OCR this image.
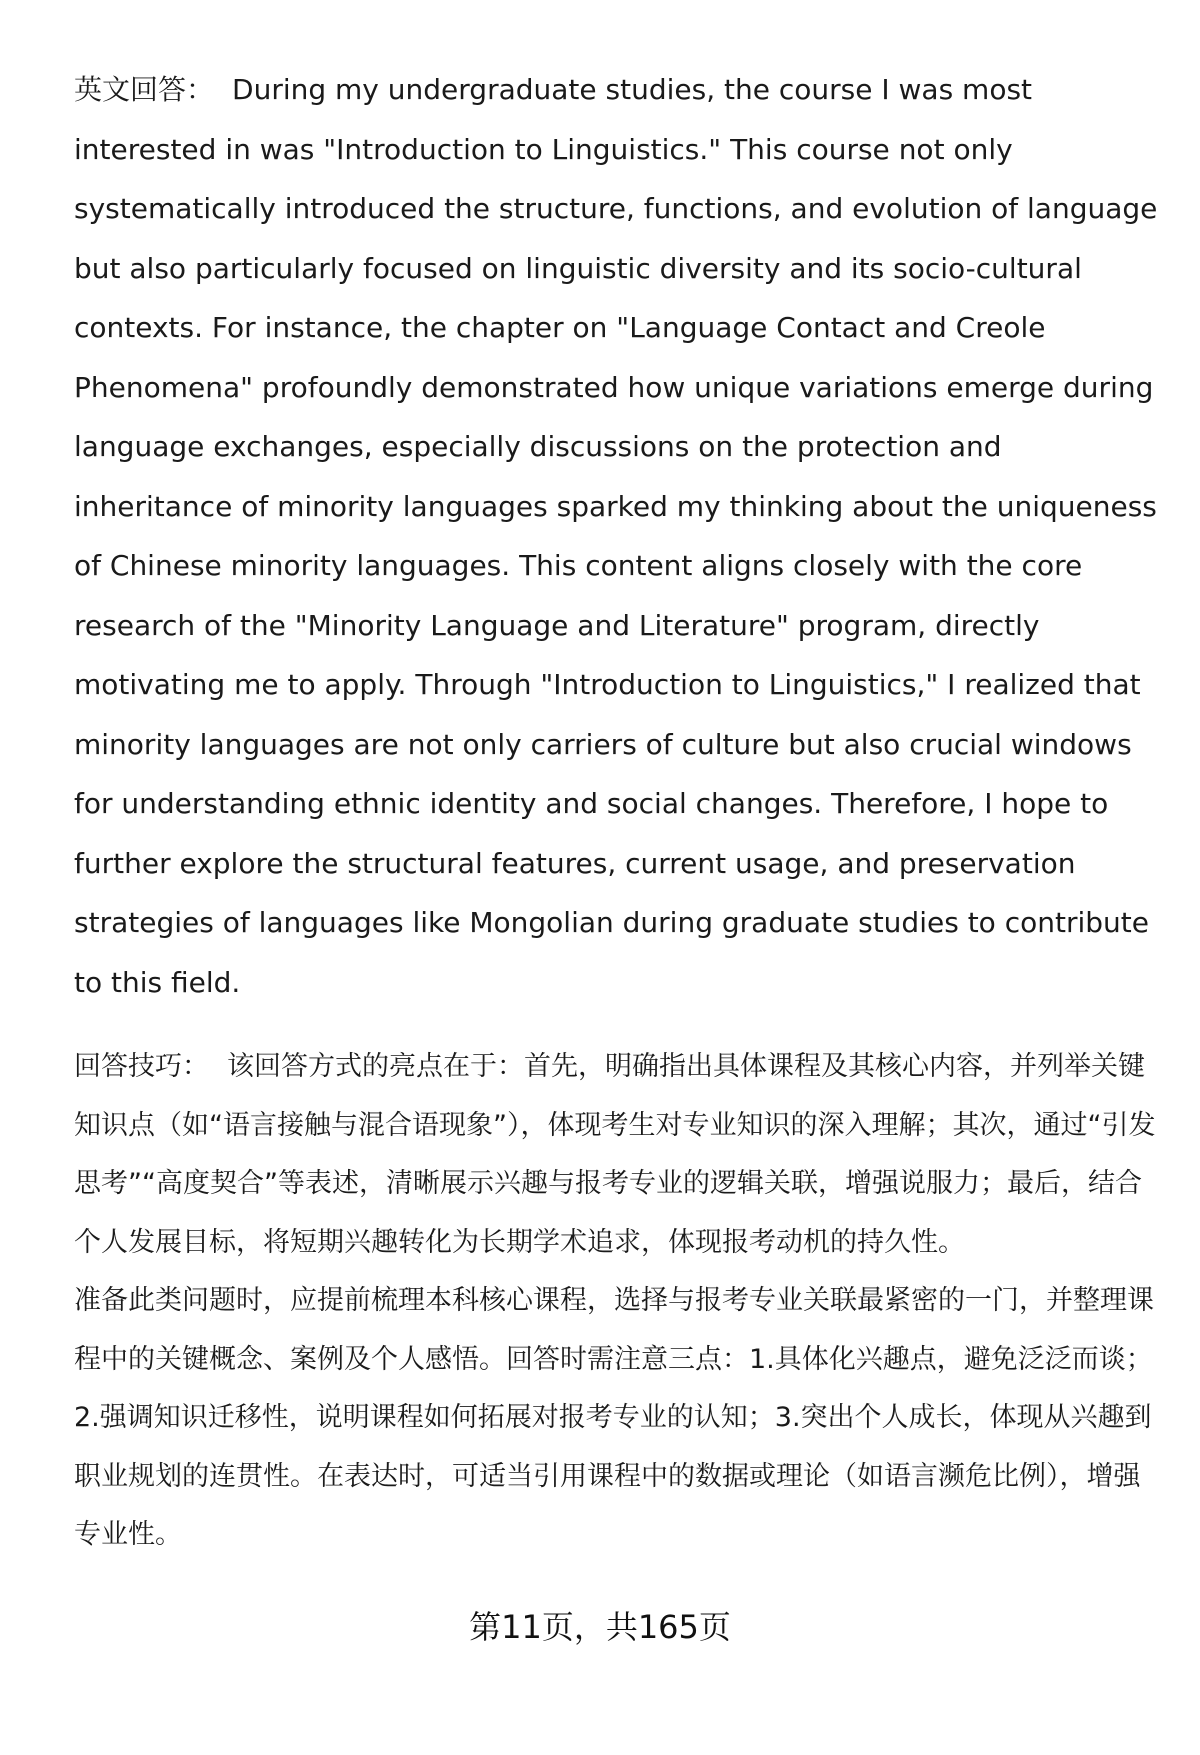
英文回答： During my undergraduate studies, the course I was most interested in was "Introduction to Linguistics." This course not only systematically introduced the structure, functions, and evolution of language but also particularly focused on linguistic diversity and its socio-cultural contexts. For instance, the chapter on "Language Contact and Creole Phenomena" profoundly demonstrated how unique variations emerge during language exchanges, especially discussions on the protection and inheritance of minority languages sparked my thinking about the uniqueness of Chinese minority languages. This content aligns closely with the core research of the "Minority Language and Literature" program, directly motivating me to apply. Through "Introduction to Linguistics," I realized that minority languages are not only carriers of culture but also crucial windows for understanding ethnic identity and social changes. Therefore, I hope to further explore the structural features, current usage, and preservation strategies of languages like Mongolian during graduate studies to contribute to this field.

回答技巧： 该回答方式的亮点在于：首先，明确指出具体课程及其核心内容，并列举关键知识点（如“语言接触与混合语现象”），体现考生对专业知识的深入理解；其次，通过“引发思考”“高度契合”等表述，清晰展示兴趣与报考专业的逻辑关联，增强说服力；最后，结合个人发展目标，将短期兴趣转化为长期学术追求，体现报考动机的持久性。

准备此类问题时，应提前梳理本科核心课程，选择与报考专业关联最紧密的一门，并整理课程中的关键概念、案例及个人感悟。回答时需注意三点：1.具体化兴趣点，避免泛泛而谈；2.强调知识迁移性，说明课程如何拓展对报考专业的认知；3.突出个人成长，体现从兴趣到职业规划的连贯性。在表达时，可适当引用课程中的数据或理论（如语言濒危比例），增强专业性。

第11页，共165页
